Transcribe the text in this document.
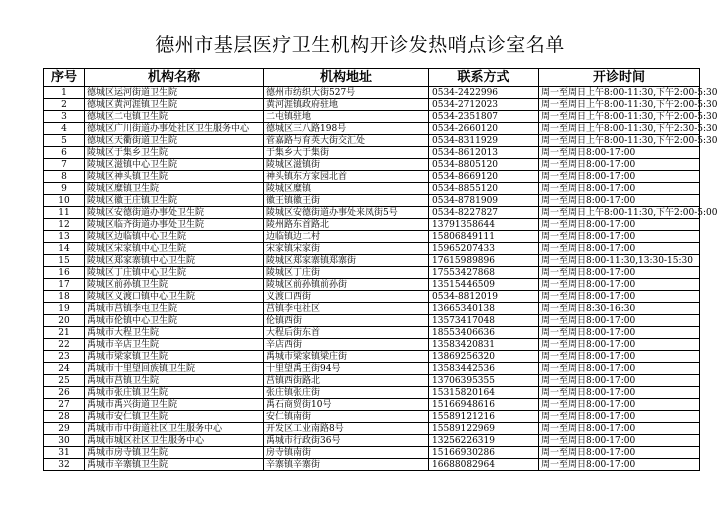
德州市基层医疗卫生机构开诊发热哨点诊室名单
序号	机构名称	机构地址	联系方式	开诊时间
1	德城区运河街道卫生院	德州市纺织大街527号	0534-2422996	周一至周日上午8:00-11:30,下午2:00-5:30
2	德城区黄河涯镇卫生院	黄河涯镇政府驻地	0534-2712023	周一至周日上午8:00-11:30,下午2:00-5:30
3	德城区二屯镇卫生院	二屯镇驻地	0534-2351807	周一至周日上午8:00-11:30,下午2:00-5:30
4	德城区广川街道办事处社区卫生服务中心	德城区三八路198号	0534-2660120	周一至周日上午8:00-11:30,下午2:30-5:30
5	德城区天衢街道卫生院	菅嘉路与育英大街交汇处	0534-8311929	周一至周日上午8:00-11:30,下午2:00-5:30
6	陵城区于集乡卫生院	于集乡大于集街	0534-8612013	周一至周日8:00-17:00
7	陵城区滋镇中心卫生院	陵城区滋镇街	0534-8805120	周一至周日8:00-17:00
8	陵城区神头镇卫生院	神头镇东方家园北首	0534-8669120	周一至周日8:00-17:00
9	陵城区糜镇卫生院	陵城区糜镇	0534-8855120	周一至周日8:00-17:00
10	陵城区徽王庄镇卫生院	徽王镇徽王街	0534-8781909	周一至周日8:00-17:00
11	陵城区安德街道办事处卫生院	陵城区安德街道办事处来凤街5号	0534-8227827	周一至周日上午8:00-11:30,下午2:00-5:00
12	陵城区临齐街道办事处卫生院	陵州路东首路北	13791358644	周一至周日8:00-17:00
13	陵城区边临镇中心卫生院	边临镇边二村	15806849111	周一至周日8:00-17:00
14	陵城区宋家镇中心卫生院	宋家镇宋家街	15965207433	周一至周日8:00-17:00
15	陵城区郑家寨镇中心卫生院	陵城区郑家寨镇郑寨街	17615989896	周一至周日8:00-11:30,13:30-15:30
16	陵城区丁庄镇中心卫生院	陵城区丁庄街	17553427868	周一至周日8:00-17:00
17	陵城区前孙镇卫生院	陵城区前孙镇前孙街	13515446509	周一至周日8:00-17:00
18	陵城区义渡口镇中心卫生院	义渡口西街	0534-8812019	周一至周日8:00-17:00
19	禹城市莒镇李屯卫生院	莒镇李屯社区	13665340138	周一至周日8:30-16:30
20	禹城市伦镇中心卫生院	伦镇西街	13573417048	周一至周日8:00-17:00
21	禹城市大程卫生院	大程后街东首	18553406636	周一至周日8:00-17:00
22	禹城市辛店卫生院	辛店西街	13583420831	周一至周日8:00-17:00
23	禹城市梁家镇卫生院	禹城市梁家镇梁庄街	13869256320	周一至周日8:00-17:00
24	禹城市十里望回族镇卫生院	十里望禹王街94号	13583442536	周一至周日8:00-17:00
25	禹城市莒镇卫生院	莒镇西街路北	13706395355	周一至周日8:00-17:00
26	禹城市张庄镇卫生院	张庄镇张庄街	15315820164	周一至周日8:00-17:00
27	禹城市禹兴街道卫生院	禹石商贸街10号	15166948616	周一至周日8:00-17:00
28	禹城市安仁镇卫生院	安仁镇南街	15589121216	周一至周日8:00-17:00
29	禹城市市中街道社区卫生服务中心	开发区工业南路8号	15589122969	周一至周日8:00-17:00
30	禹城市城区社区卫生服务中心	禹城市行政街36号	13256226319	周一至周日8:00-17:00
31	禹城市房寺镇卫生院	房寺镇南街	15166930286	周一至周日8:00-17:00
32	禹城市辛寨镇卫生院	辛寨镇辛寨街	16688082964	周一至周日8:00-17:00
